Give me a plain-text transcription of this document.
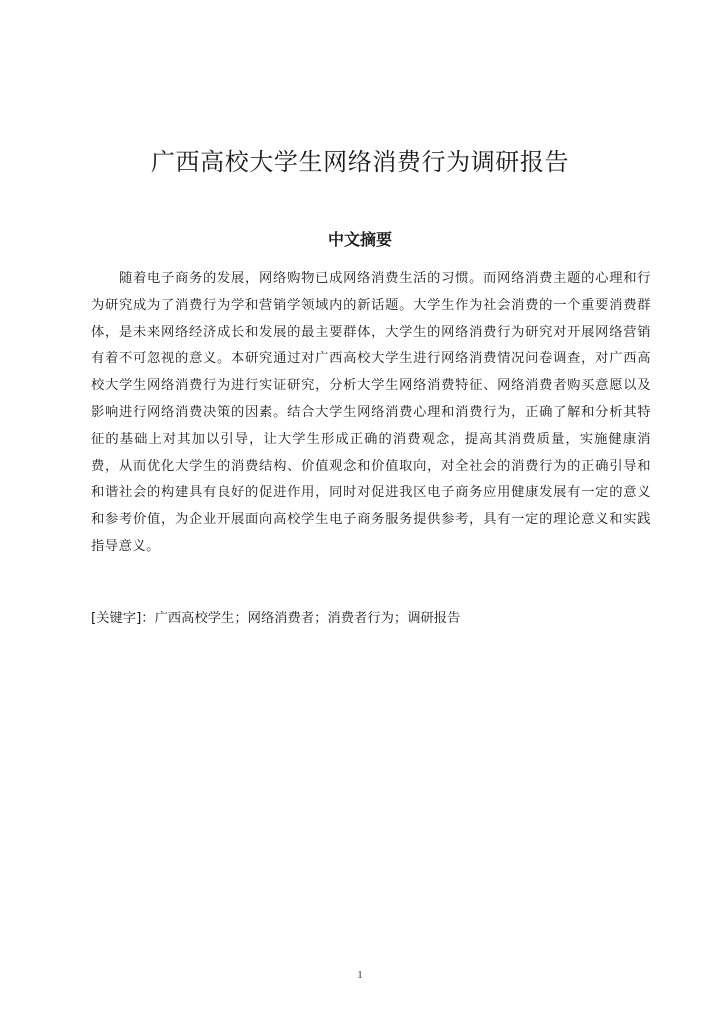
广西高校大学生网络消费行为调研报告
中文摘要

随着电子商务的发展，网络购物已成网络消费生活的习惯。而网络消费主题的心理和行为研究成为了消费行为学和营销学领域内的新话题。大学生作为社会消费的一个重要消费群体，是未来网络经济成长和发展的最主要群体，大学生的网络消费行为研究对开展网络营销有着不可忽视的意义。本研究通过对广西高校大学生进行网络消费情况问卷调查，对广西高校大学生网络消费行为进行实证研究，分析大学生网络消费特征、网络消费者购买意愿以及影响进行网络消费决策的因素。结合大学生网络消费心理和消费行为，正确了解和分析其特征的基础上对其加以引导，让大学生形成正确的消费观念，提高其消费质量，实施健康消费，从而优化大学生的消费结构、价值观念和价值取向，对全社会的消费行为的正确引导和和谐社会的构建具有良好的促进作用，同时对促进我区电子商务应用健康发展有一定的意义和参考价值，为企业开展面向高校学生电子商务服务提供参考，具有一定的理论意义和实践指导意义。

[关键字]：广西高校学生；网络消费者；消费者行为；调研报告
1
